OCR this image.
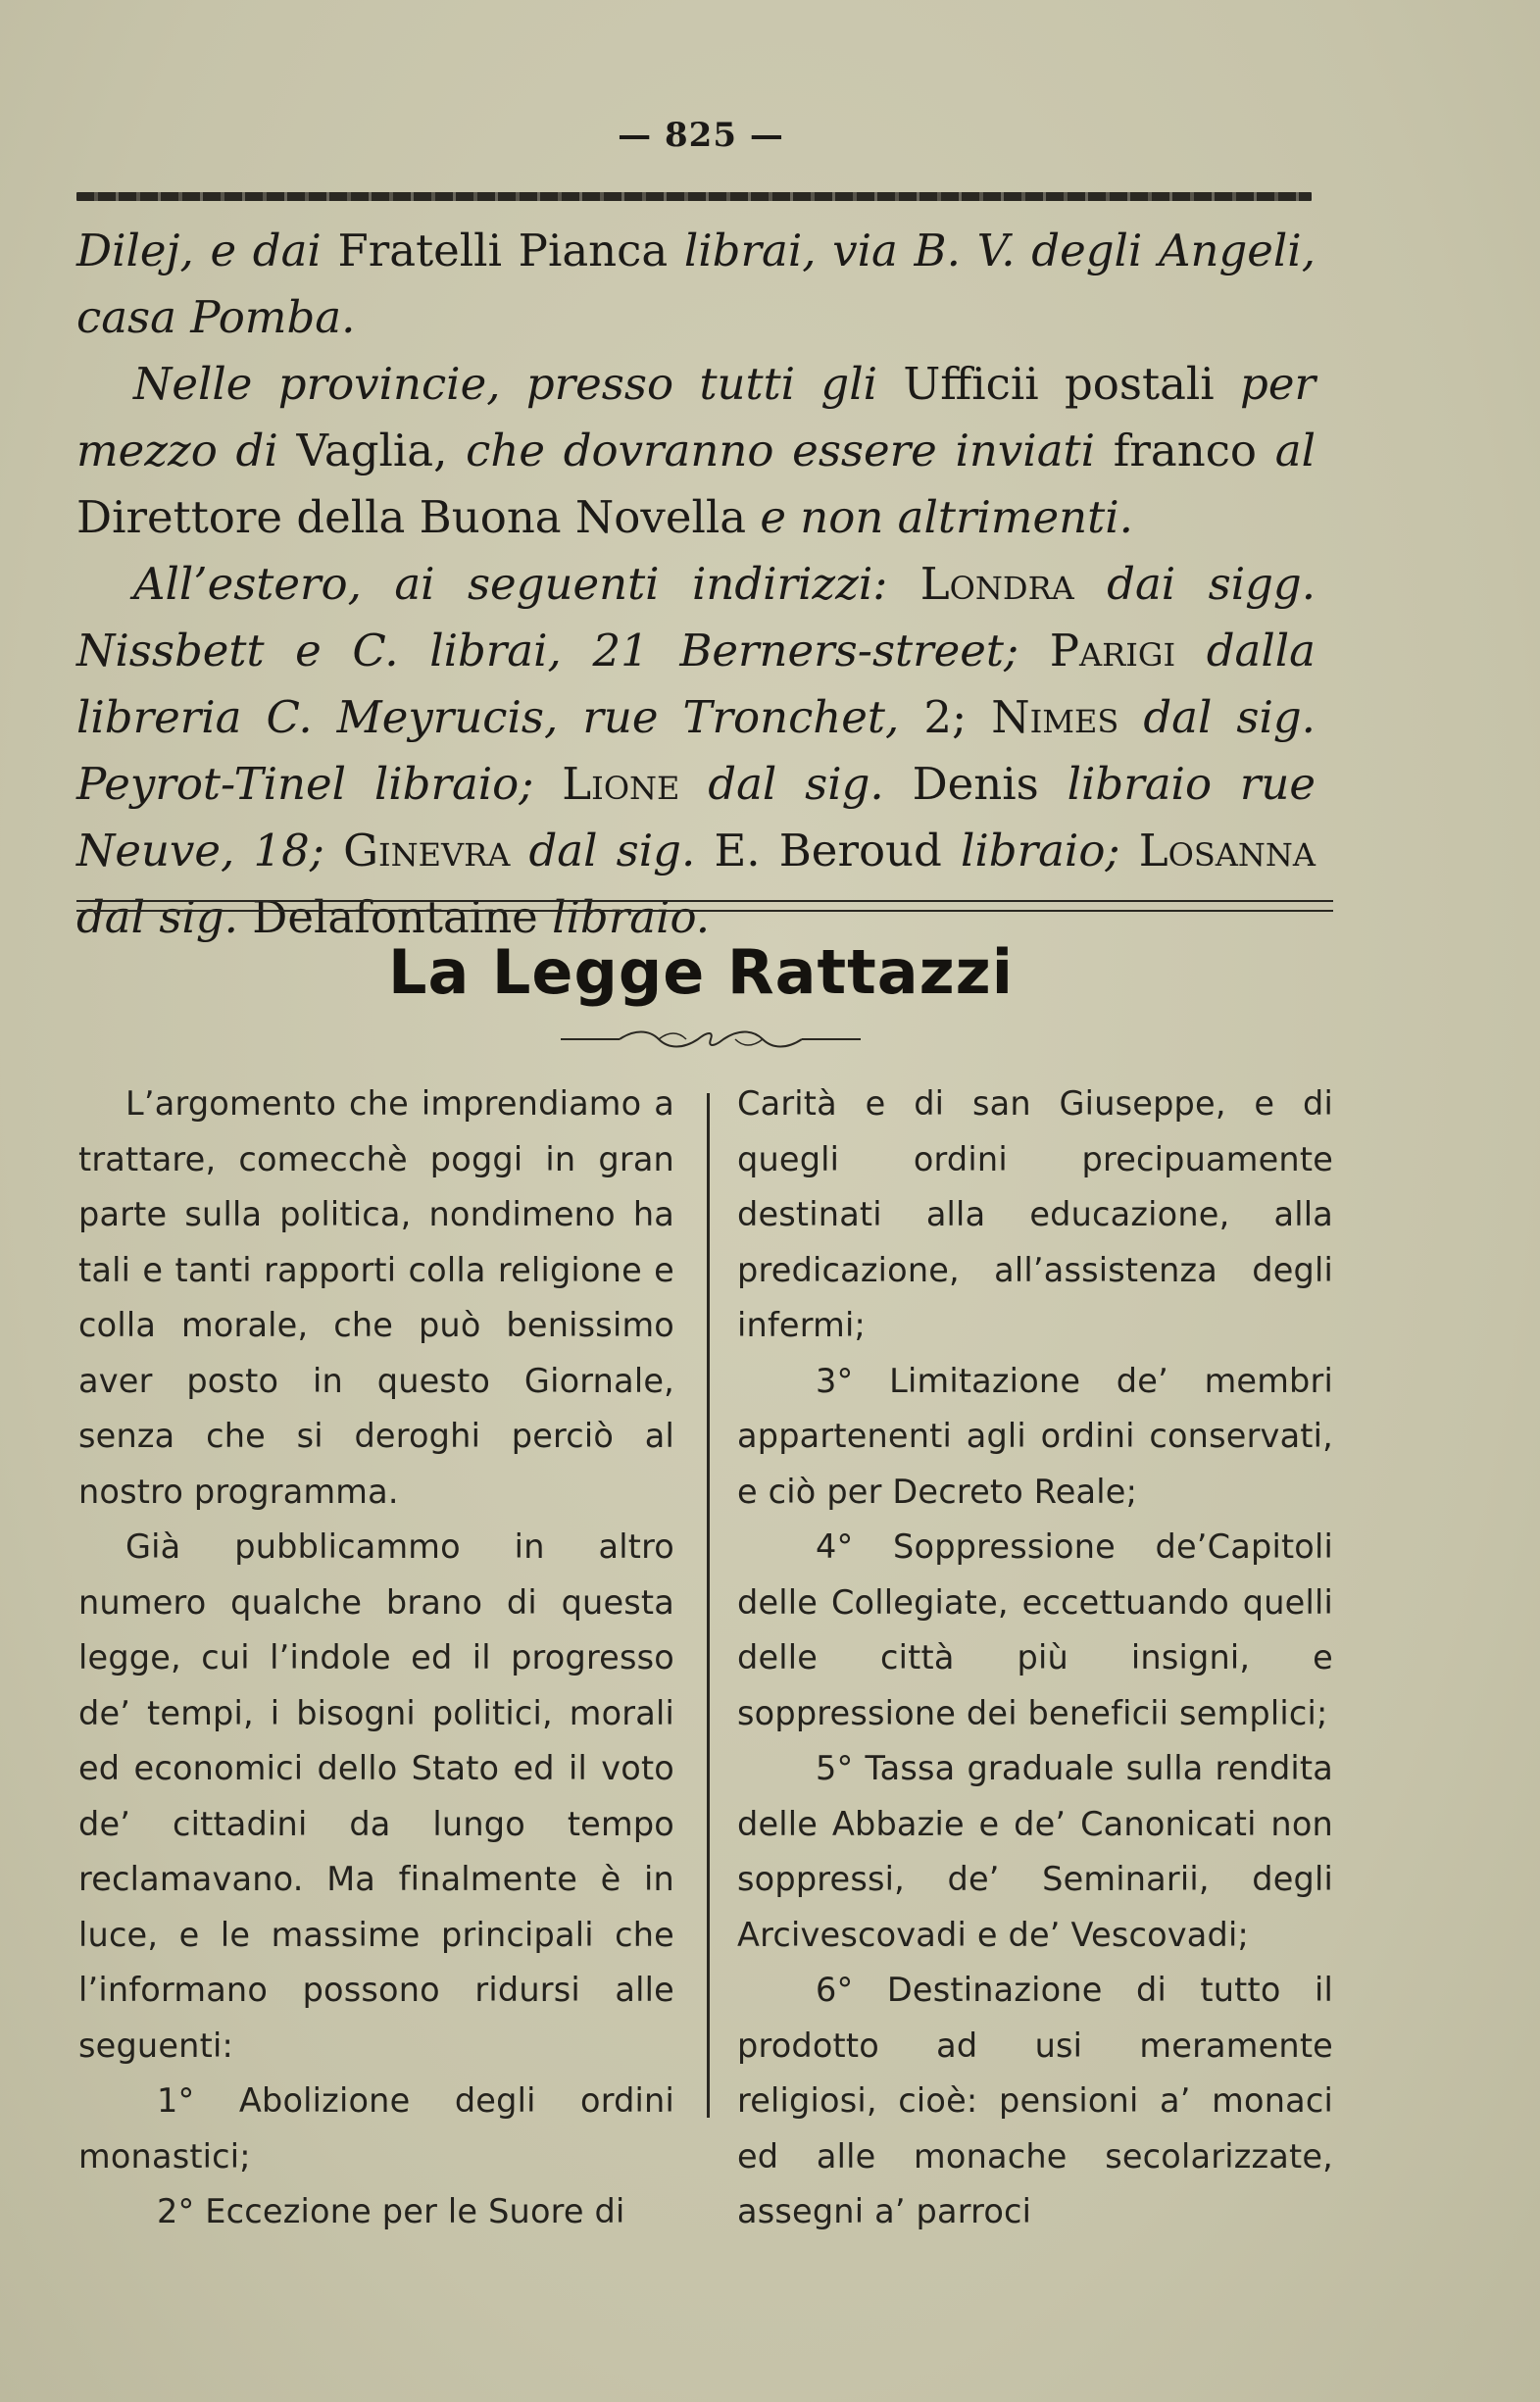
— 825 —

Dilej, e dai Fratelli Pianca librai, via B. V. degli Angeli, casa Pomba.

Nelle provincie, presso tutti gli Ufficii postali per mezzo di Vaglia, che dovranno essere inviati franco al Direttore della Buona Novella e non altrimenti.

All’estero, ai seguenti indirizzi: Londra dai sigg. Nissbett e C. librai, 21 Berners-street; Parigi dalla libreria C. Meyrucis, rue Tronchet, 2; Nimes dal sig. Peyrot-Tinel libraio; Lione dal sig. Denis libraio rue Neuve, 18; Ginevra dal sig. E. Beroud libraio; Losanna dal sig. Delafontaine libraio.

La Legge Rattazzi

L’argomento che imprendiamo a trattare, comecchè poggi in gran parte sulla politica, nondimeno ha tali e tanti rapporti colla religione e colla morale, che può benissimo aver posto in questo Giornale, senza che si deroghi perciò al nostro programma.

Già pubblicammo in altro numero qualche brano di questa legge, cui l’indole ed il progresso de’ tempi, i bisogni politici, morali ed economici dello Stato ed il voto de’ cittadini da lungo tempo reclamavano. Ma finalmente è in luce, e le massime principali che l’informano possono ridursi alle seguenti:

1° Abolizione degli ordini monastici;

2° Eccezione per le Suore di

Carità e di san Giuseppe, e di quegli ordini precipuamente destinati alla educazione, alla predicazione, all’assistenza degli infermi;

3° Limitazione de’ membri appartenenti agli ordini conservati, e ciò per Decreto Reale;

4° Soppressione de’Capitoli delle Collegiate, eccettuando quelli delle città più insigni, e soppressione dei beneficii semplici;

5° Tassa graduale sulla rendita delle Abbazie e de’ Canonicati non soppressi, de’ Seminarii, degli Arcivescovadi e de’ Vescovadi;

6° Destinazione di tutto il prodotto ad usi meramente religiosi, cioè: pensioni a’ monaci ed alle monache secolarizzate, assegni a’ parroci
